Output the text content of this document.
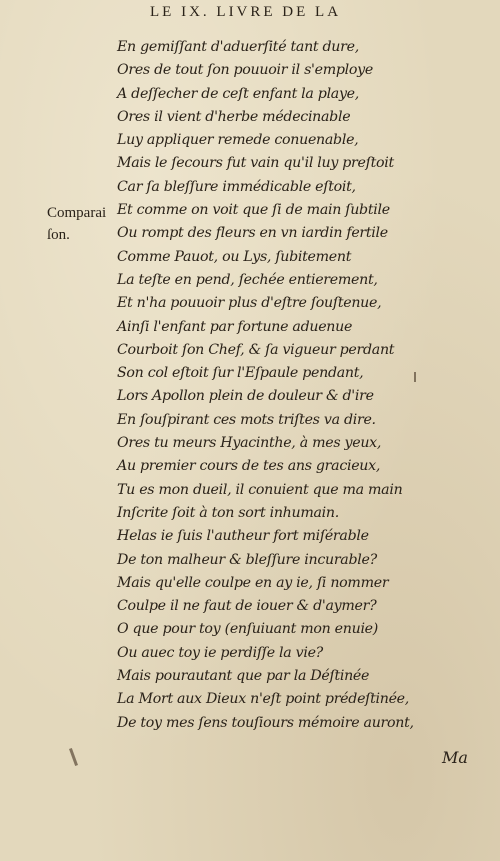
LE IX. LIVRE DE LA
Comparai
ſon.
En gemiſſant d'aduerſité tant dure,
Ores de tout ſon pouuoir il s'employe
A deſſecher de ceſt enfant la playe,
Ores il vient d'herbe médecinable
Luy appliquer remede conuenable,
Mais le ſecours fut vain qu'il luy preſtoit
Car ſa bleſſure immédicable eſtoit,
Et comme on voit que ſi de main ſubtile
Ou rompt des fleurs en vn iardin fertile
Comme Pauot, ou Lys, ſubitement
La teſte en pend, ſechée entierement,
Et n'ha pouuoir plus d'eſtre ſouſtenue,
Ainſi l'enfant par fortune aduenue
Courboit ſon Chef, & ſa vigueur perdant
Son col eſtoit ſur l'Eſpaule pendant,
Lors Apollon plein de douleur & d'ire
En ſouſpirant ces mots triſtes va dire.
Ores tu meurs Hyacinthe, à mes yeux,
Au premier cours de tes ans gracieux,
Tu es mon dueil, il conuient que ma main
Inſcrite ſoit à ton sort inhumain.
Helas ie ſuis l'autheur fort miſérable
De ton malheur & bleſſure incurable?
Mais qu'elle coulpe en ay ie, ſi nommer
Coulpe il ne faut de iouer & d'aymer?
O que pour toy (enſuiuant mon enuie)
Ou auec toy ie perdiſſe la vie?
Mais pourautant que par la Déſtinée
La Mort aux Dieux n'eſt point prédeſtinée,
De toy mes ſens touſiours mémoire auront,
Ma
